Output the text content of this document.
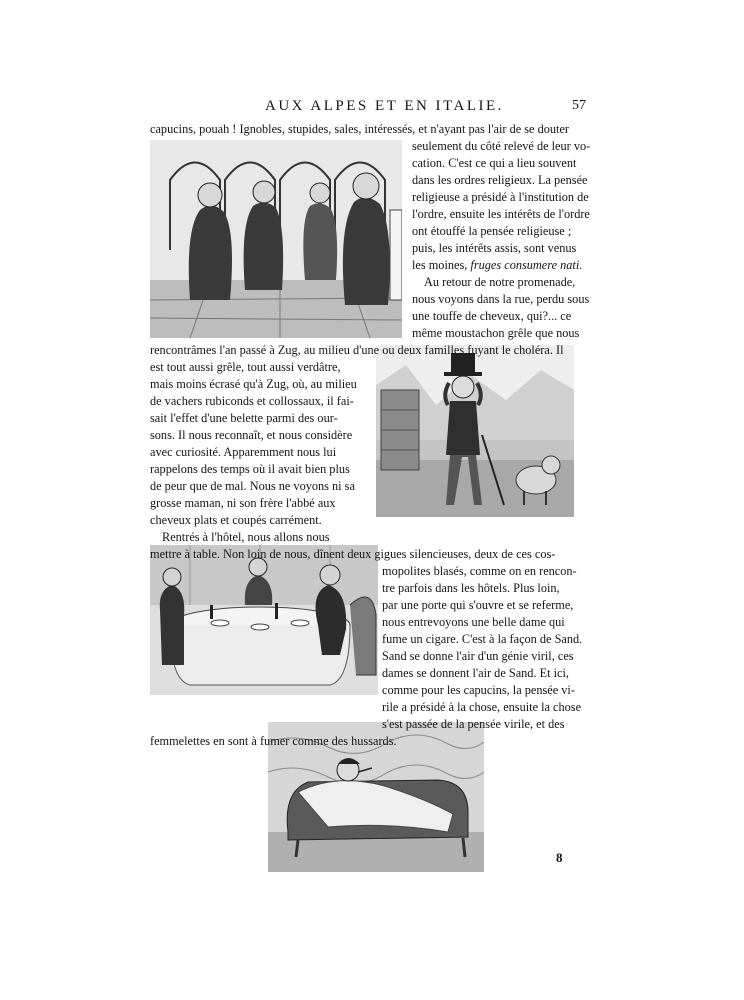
AUX ALPES ET EN ITALIE.	57
capucins, pouah ! Ignobles, stupides, sales, intéressés, et n'ayant pas l'air de se douter
seulement du côté relevé de leur vo-
cation. C'est ce qui a lieu souvent
dans les ordres religieux. La pensée
religieuse a présidé à l'institution de
l'ordre, ensuite les intérêts de l'ordre
ont étouffé la pensée religieuse ;
puis, les intérêts assis, sont venus
les moines, fruges consumere nati.
Au retour de notre promenade,
nous voyons dans la rue, perdu sous
une touffe de cheveux, qui?... ce
même moustachon grêle que nous
rencontrâmes l'an passé à Zug, au milieu d'une ou deux familles fuyant le choléra. Il
est tout aussi grêle, tout aussi verdâtre,
mais moins écrasé qu'à Zug, où, au milieu
de vachers rubiconds et collossaux, il fai-
sait l'effet d'une belette parmi des our-
sons. Il nous reconnaît, et nous considère
avec curiosité. Apparemment nous lui
rappelons des temps où il avait bien plus
de peur que de mal. Nous ne voyons ni sa
grosse maman, ni son frère l'abbé aux
cheveux plats et coupés carrément.
Rentrés à l'hôtel, nous allons nous
mettre à table. Non loin de nous, dînent deux gigues silencieuses, deux de ces cos-
mopolites blasés, comme on en rencon-
tre parfois dans les hôtels. Plus loin,
par une porte qui s'ouvre et se referme,
nous entrevoyons une belle dame qui
fume un cigare. C'est à la façon de Sand.
Sand se donne l'air d'un génie viril, ces
dames se donnent l'air de Sand. Et ici,
comme pour les capucins, la pensée vi-
rile a présidé à la chose, ensuite la chose
s'est passée de la pensée virile, et des
femmelettes en sont à fumer comme des hussards.
8
